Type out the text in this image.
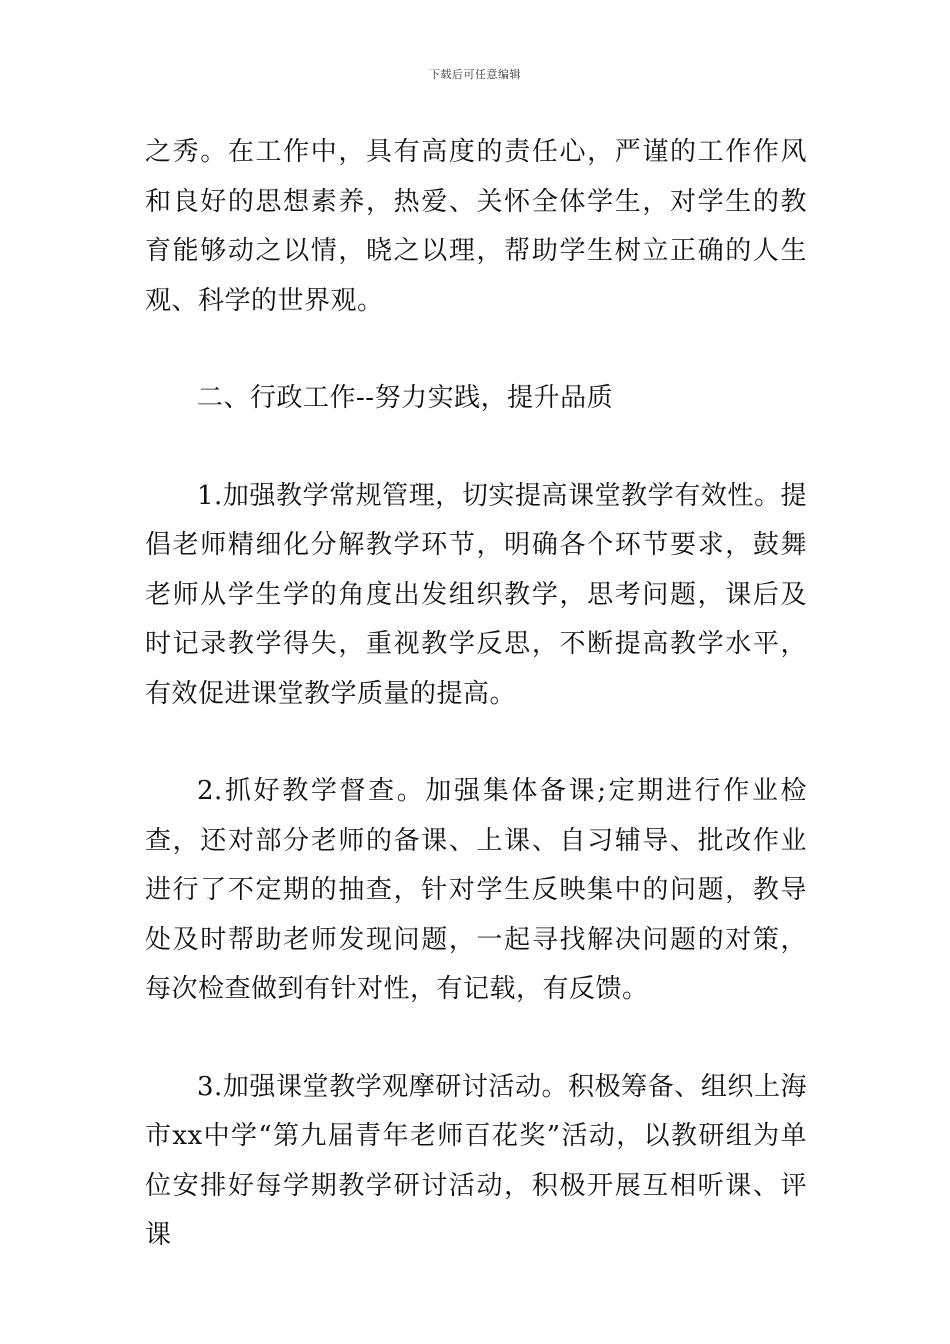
下载后可任意编辑

之秀。在工作中，具有高度的责任心，严谨的工作作风和良好的思想素养，热爱、关怀全体学生，对学生的教育能够动之以情，晓之以理，帮助学生树立正确的人生观、科学的世界观。

二、行政工作--努力实践，提升品质

1.加强教学常规管理，切实提高课堂教学有效性。提倡老师精细化分解教学环节，明确各个环节要求，鼓舞老师从学生学的角度出发组织教学，思考问题，课后及时记录教学得失，重视教学反思，不断提高教学水平，有效促进课堂教学质量的提高。

2.抓好教学督查。加强集体备课;定期进行作业检查，还对部分老师的备课、上课、自习辅导、批改作业进行了不定期的抽查，针对学生反映集中的问题，教导处及时帮助老师发现问题，一起寻找解决问题的对策，每次检查做到有针对性，有记载，有反馈。

3.加强课堂教学观摩研讨活动。积极筹备、组织上海市xx中学“第九届青年老师百花奖”活动，以教研组为单位安排好每学期教学研讨活动，积极开展互相听课、评课
